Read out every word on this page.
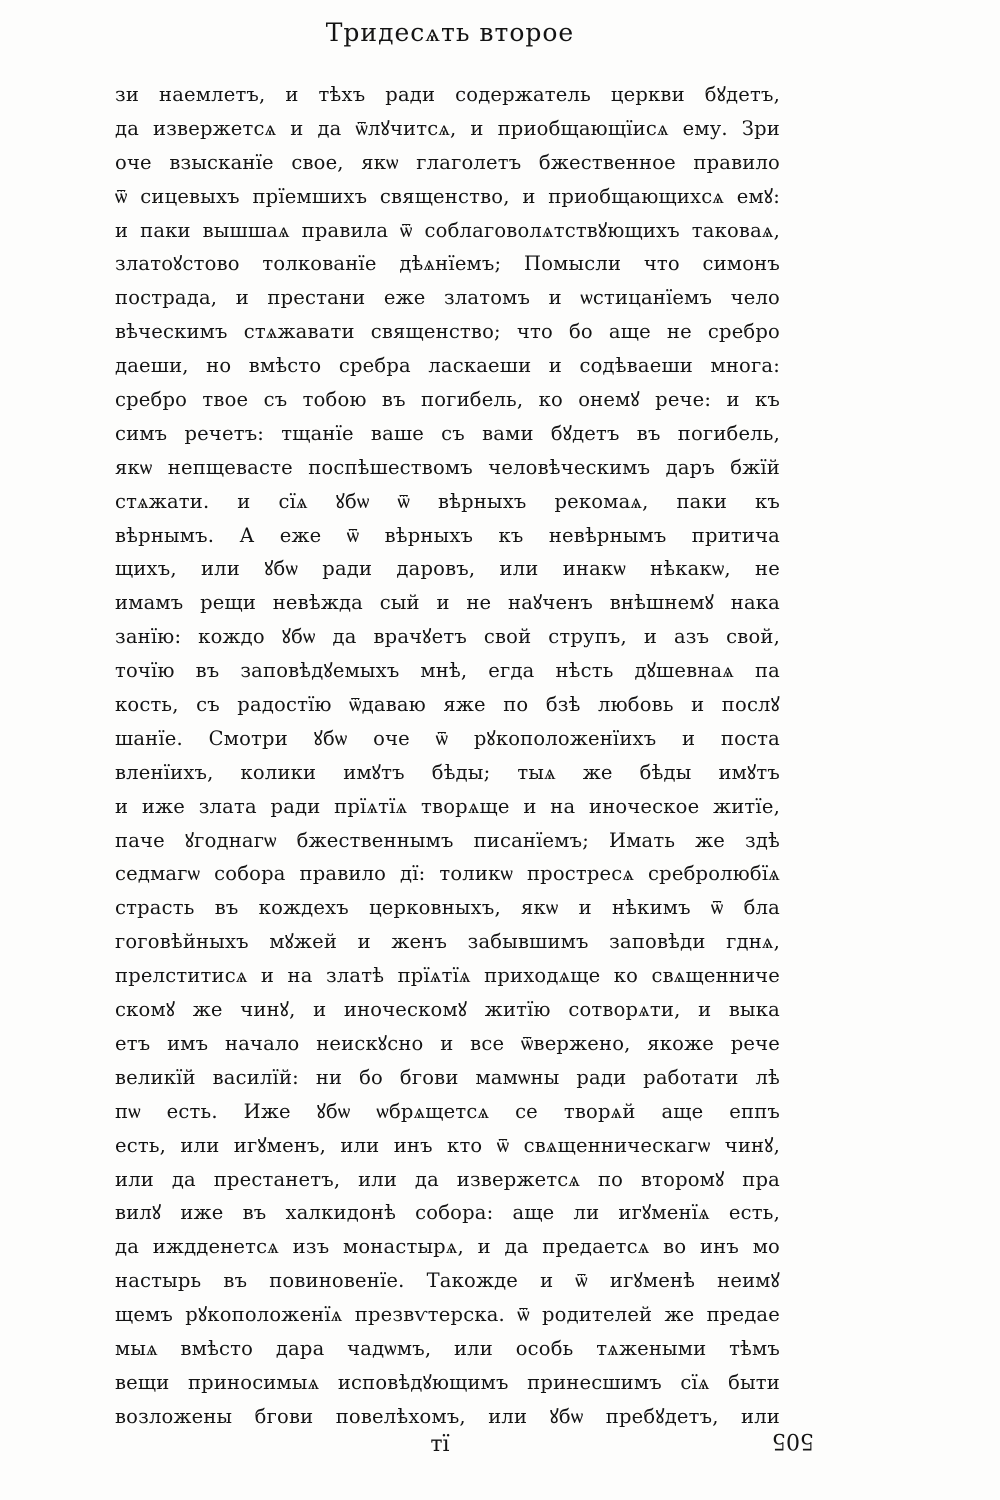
Тридесѧть второе
зи наемлетъ, и тѣхъ ради содержатель церкви бꙋдетъ,
да извержетсѧ и да ѿлꙋчитсѧ, и приобщающїисѧ ему. Зри
оче взысканїе свое, якѡ глаголетъ бжественное правило
ѿ сицевыхъ прїемшихъ священство, и приобщающихсѧ емꙋ:
и паки вышшаѧ правила ѿ соблаговолѧтствꙋющихъ таковаѧ,
златоꙋстово толкованїе дѣѧнїемъ; Помысли что симонъ
пострада, и престани еже златомъ и ѡстицанїемъ чело
вѣческимъ стѧжавати священство; что бо аще не сребро
даеши, но вмѣсто сребра ласкаеши и содѣваеши многа:
сребро твое съ тобою въ погибель, ко онемꙋ рече: и къ
симъ речетъ: тщанїе ваше съ вами бꙋдетъ въ погибель,
якѡ непщевасте поспѣшествомъ человѣческимъ даръ бжїй
стѧжати. и сїѧ ꙋбѡ ѿ вѣрныхъ рекомаѧ, паки къ
вѣрнымъ. А еже ѿ вѣрныхъ къ невѣрнымъ притича
щихъ, или ꙋбѡ ради даровъ, или инакѡ нѣкакѡ, не
имамъ рещи невѣжда сый и не наꙋченъ внѣшнемꙋ нака
занїю: кождо ꙋбѡ да врачꙋетъ свой струпъ, и азъ свой,
точїю въ заповѣдꙋемыхъ мнѣ, егда нѣсть дꙋшевнаѧ па
кость, съ радостїю ѿдаваю яже по бзѣ любовь и послꙋ
шанїе. Смотри ꙋбѡ оче ѿ рꙋкоположенїихъ и поста
вленїихъ, колики имꙋтъ бѣды; тыѧ же бѣды имꙋтъ
и иже злата ради прїѧтїѧ творѧще и на иноческое житїе,
паче ꙋгоднагѡ бжественнымъ писанїемъ; Имать же здѣ
седмагѡ собора правило дї: толикѡ простресѧ сребролюбїѧ
страсть въ кождехъ церковныхъ, якѡ и нѣкимъ ѿ бла
гоговѣйныхъ мꙋжей и женъ забывшимъ заповѣди гднѧ,
прелститисѧ и на златѣ прїѧтїѧ приходѧще ко свѧщенниче
скомꙋ же чинꙋ, и иноческомꙋ житїю сотворѧти, и выка
етъ имъ начало неискꙋсно и все ѿвержено, якоже рече
великїй василїй: ни бо бгови мамѡны ради работати лѣ
пѡ есть. Иже ꙋбѡ ѡбрѧщетсѧ се творѧй аще еппъ
есть, или игꙋменъ, или инъ кто ѿ свѧщенническагѡ чинꙋ,
или да престанетъ, или да извержетсѧ по второмꙋ пра
вилꙋ иже въ халкидонѣ собора: аще ли игꙋменїѧ есть,
да иждденетсѧ изъ монастырѧ, и да предаетсѧ во инъ мо
настырь въ повиновенїе. Такожде и ѿ игꙋменѣ неимꙋ
щемъ рꙋкоположенїѧ презвѵтерска. ѿ родителей же предае
мыѧ вмѣсто дара чадѡмъ, или особь тѧжеными тѣмъ
вещи приносимыѧ исповѣдꙋющимъ принесшимъ сїѧ быти
возложены бгови повелѣхомъ, или ꙋбѡ пребꙋдетъ, или
тї	505
